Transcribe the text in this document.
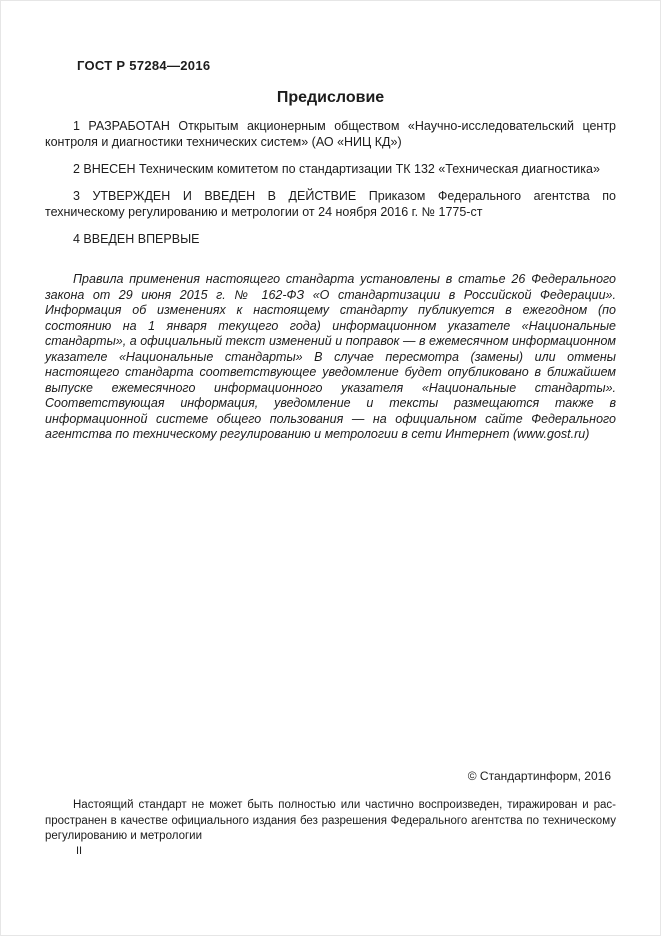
ГОСТ Р 57284—2016
Предисловие

1 РАЗРАБОТАН Открытым акционерным обществом «Научно-исследовательский центр контроля и диагностики технических систем» (АО «НИЦ КД»)

2 ВНЕСЕН Техническим комитетом по стандартизации ТК 132 «Техническая диагностика»

3 УТВЕРЖДЕН И ВВЕДЕН В ДЕЙСТВИЕ Приказом Федерального агентства по техническому регулированию и метрологии от 24 ноября 2016 г. № 1775-ст

4 ВВЕДЕН ВПЕРВЫЕ

Правила применения настоящего стандарта установлены в статье 26 Федерального закона от 29 июня 2015 г. № 162-ФЗ «О стандартизации в Российской Федерации». Информация об изменениях к настоящему стандарту публикуется в ежегодном (по состоянию на 1 января текущего года) информационном указателе «Национальные стандарты», а официальный текст изменений и поправок — в ежемесячном информационном указателе «Национальные стандарты» В случае пересмотра (замены) или отмены настоящего стандарта соответствующее уведомление будет опубликовано в ближайшем выпуске ежемесячного информационного указателя «Национальные стандарты». Соответствующая информация, уведомление и тексты размещаются также в информационной системе общего пользования — на официальном сайте Федерального агентства по техническому регулированию и метрологии в сети Интернет (www.gost.ru)

© Стандартинформ, 2016

Настоящий стандарт не может быть полностью или частично воспроизведен, тиражирован и распространен в качестве официального издания без разрешения Федерального агентства по техническому регулированию и метрологии

II
